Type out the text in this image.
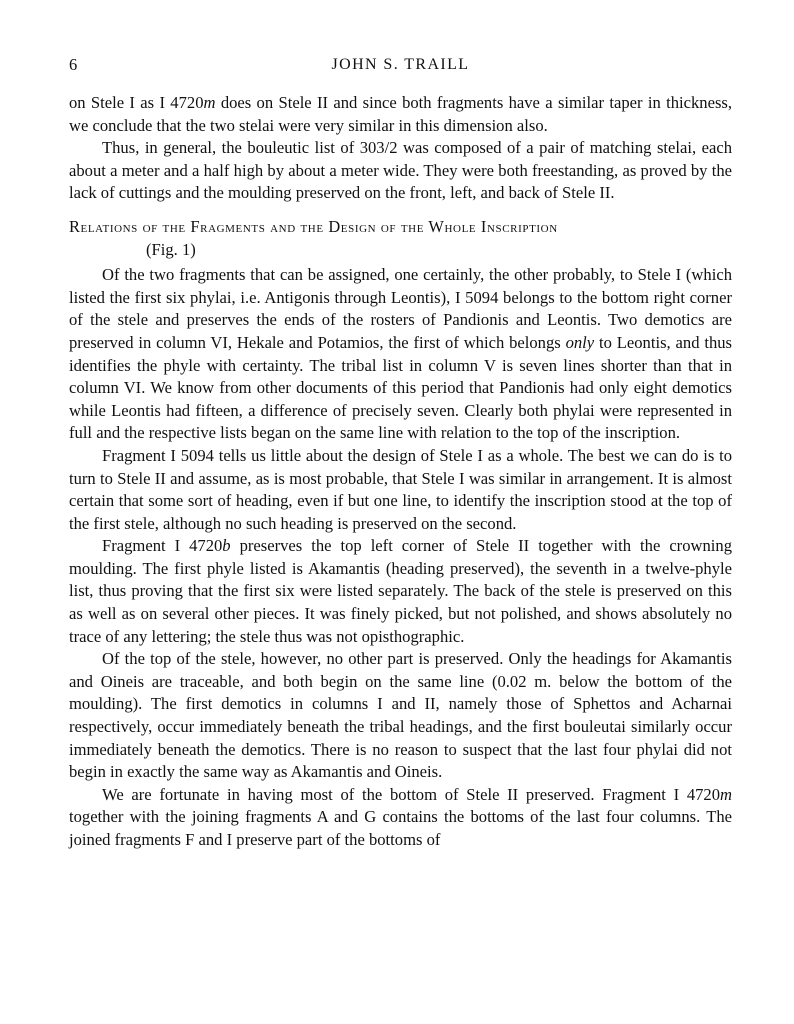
6	JOHN S. TRAILL

on Stele I as I 4720m does on Stele II and since both fragments have a similar taper in thickness, we conclude that the two stelai were very similar in this dimension also.

Thus, in general, the bouleutic list of 303/2 was composed of a pair of matching stelai, each about a meter and a half high by about a meter wide. They were both freestanding, as proved by the lack of cuttings and the moulding preserved on the front, left, and back of Stele II.

Relations of the Fragments and the Design of the Whole Inscription

(Fig. 1)

Of the two fragments that can be assigned, one certainly, the other probably, to Stele I (which listed the first six phylai, i.e. Antigonis through Leontis), I 5094 belongs to the bottom right corner of the stele and preserves the ends of the rosters of Pandionis and Leontis. Two demotics are preserved in column VI, Hekale and Potamios, the first of which belongs only to Leontis, and thus identifies the phyle with certainty. The tribal list in column V is seven lines shorter than that in column VI. We know from other documents of this period that Pandionis had only eight demotics while Leontis had fifteen, a difference of precisely seven. Clearly both phylai were represented in full and the respective lists began on the same line with relation to the top of the inscription.

Fragment I 5094 tells us little about the design of Stele I as a whole. The best we can do is to turn to Stele II and assume, as is most probable, that Stele I was similar in arrangement. It is almost certain that some sort of heading, even if but one line, to identify the inscription stood at the top of the first stele, although no such heading is preserved on the second.

Fragment I 4720b preserves the top left corner of Stele II together with the crowning moulding. The first phyle listed is Akamantis (heading preserved), the seventh in a twelve-phyle list, thus proving that the first six were listed separately. The back of the stele is preserved on this as well as on several other pieces. It was finely picked, but not polished, and shows absolutely no trace of any lettering; the stele thus was not opisthographic.

Of the top of the stele, however, no other part is preserved. Only the headings for Akamantis and Oineis are traceable, and both begin on the same line (0.02 m. below the bottom of the moulding). The first demotics in columns I and II, namely those of Sphettos and Acharnai respectively, occur immediately beneath the tribal headings, and the first bouleutai similarly occur immediately beneath the demotics. There is no reason to suspect that the last four phylai did not begin in exactly the same way as Akamantis and Oineis.

We are fortunate in having most of the bottom of Stele II preserved. Fragment I 4720m together with the joining fragments A and G contains the bottoms of the last four columns. The joined fragments F and I preserve part of the bottoms of
